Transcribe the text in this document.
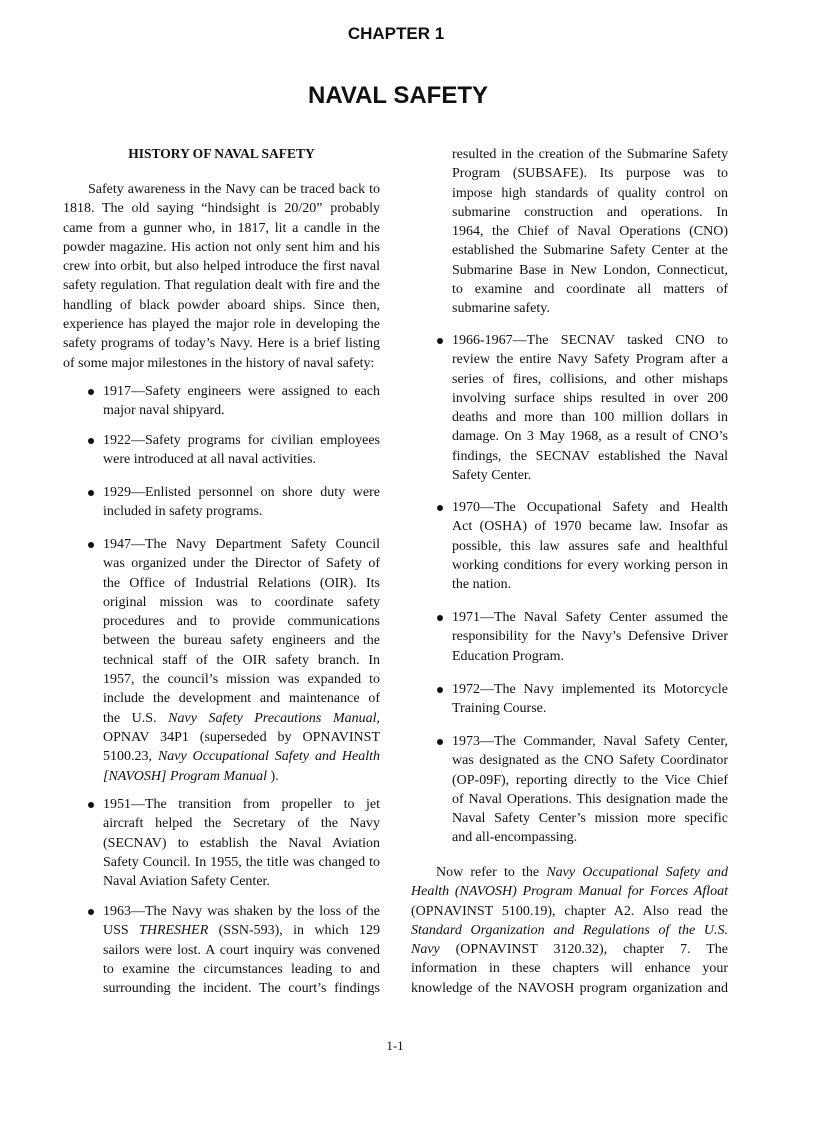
CHAPTER 1
NAVAL SAFETY
HISTORY OF NAVAL SAFETY
Safety awareness in the Navy can be traced back to
1818. The old saying “hindsight is 20/20” probably
came from a gunner who, in 1817, lit a candle in the
powder magazine. His action not only sent him and his
crew into orbit, but also helped introduce the first naval
safety regulation. That regulation dealt with fire and the
handling of black powder aboard ships. Since then,
experience has played the major role in developing the
safety programs of today’s Navy. Here is a brief listing
of some major milestones in the history of naval safety:
1917—Safety engineers were assigned to each
major naval shipyard.
1922—Safety programs for civilian employees
were introduced at all naval activities.
1929—Enlisted personnel on shore duty were
included in safety programs.
1947—The Navy Department Safety Council
was organized under the Director of Safety of
the Office of Industrial Relations (OIR). Its
original mission was to coordinate safety
procedures and to provide communications
between the bureau safety engineers and the
technical staff of the OIR safety branch. In
1957, the council’s mission was expanded to
include the development and maintenance of
the U.S. Navy Safety Precautions Manual,
OPNAV 34P1 (superseded by OPNAVINST
5100.23, Navy Occupational Safety and Health
[NAVOSH] Program Manual ).
1951—The transition from propeller to jet
aircraft helped the Secretary of the Navy
(SECNAV) to establish the Naval Aviation
Safety Council. In 1955, the title was changed to
Naval Aviation Safety Center.
1963—The Navy was shaken by the loss of the
USS THRESHER (SSN-593), in which 129
sailors were lost. A court inquiry was convened
to examine the circumstances leading to and
surrounding the incident. The court’s findings
resulted in the creation of the Submarine Safety
Program (SUBSAFE). Its purpose was to
impose high standards of quality control on
submarine construction and operations. In
1964, the Chief of Naval Operations (CNO)
established the Submarine Safety Center at the
Submarine Base in New London, Connecticut,
to examine and coordinate all matters of
submarine safety.
1966-1967—The SECNAV tasked CNO to
review the entire Navy Safety Program after a
series of fires, collisions, and other mishaps
involving surface ships resulted in over 200
deaths and more than 100 million dollars in
damage. On 3 May 1968, as a result of CNO’s
findings, the SECNAV established the Naval
Safety Center.
1970—The Occupational Safety and Health
Act (OSHA) of 1970 became law. Insofar as
possible, this law assures safe and healthful
working conditions for every working person in
the nation.
1971—The Naval Safety Center assumed the
responsibility for the Navy’s Defensive Driver
Education Program.
1972—The Navy implemented its Motorcycle
Training Course.
1973—The Commander, Naval Safety Center,
was designated as the CNO Safety Coordinator
(OP-09F), reporting directly to the Vice Chief
of Naval Operations. This designation made the
Naval Safety Center’s mission more specific
and all-encompassing.
Now refer to the Navy Occupational Safety and
Health (NAVOSH) Program Manual for Forces Afloat
(OPNAVINST 5100.19), chapter A2. Also read the
Standard Organization and Regulations of the U.S.
Navy (OPNAVINST 3120.32), chapter 7. The
information in these chapters will enhance your
knowledge of the NAVOSH program organization and
1-1
